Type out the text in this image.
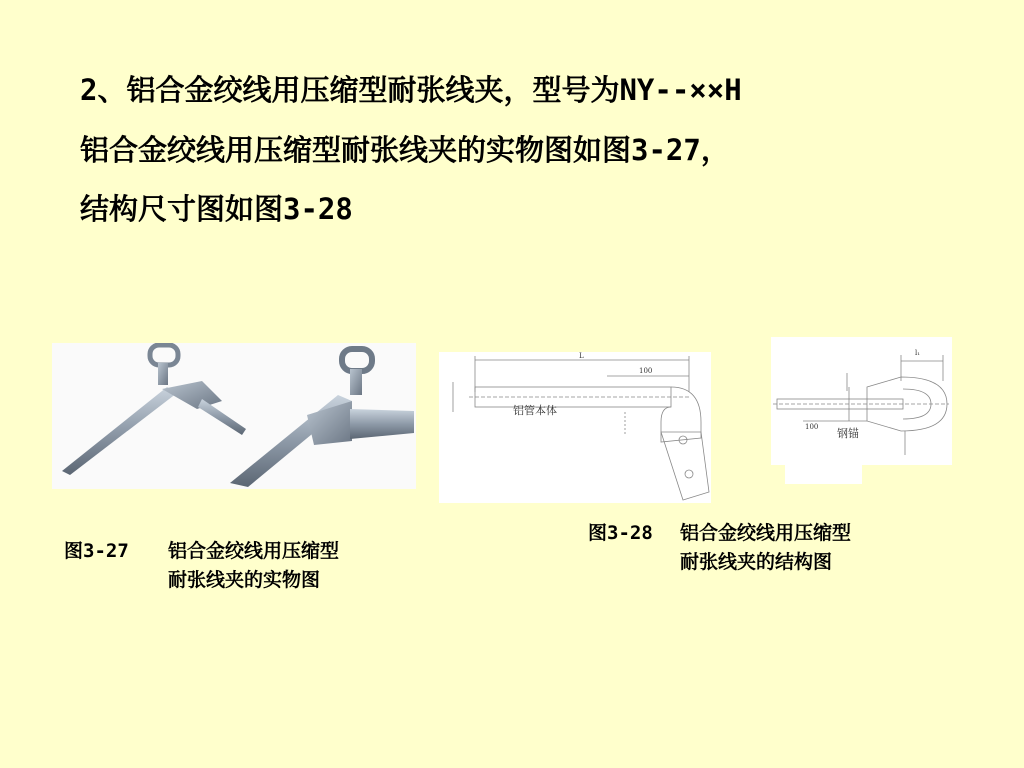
2、铝合金绞线用压缩型耐张线夹，型号为NY--××H
铝合金绞线用压缩型耐张线夹的实物图如图3-27，
结构尺寸图如图3-28
L
100
铝管本体
l₁
100 钢锚
图3-27 铝合金绞线用压缩型
耐张线夹的实物图
图3-28 铝合金绞线用压缩型
耐张线夹的结构图
